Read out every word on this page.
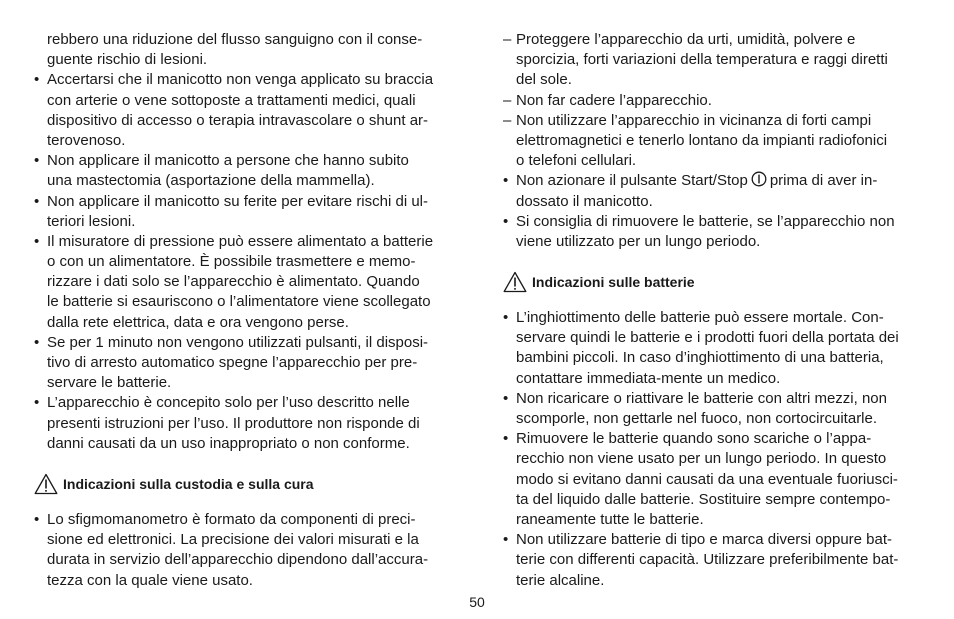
rebbero una riduzione del flusso sanguigno con il conse-
guente rischio di lesioni.
• Accertarsi che il manicotto non venga applicato su braccia
con arterie o vene sottoposte a trattamenti medici, quali
dispositivo di accesso o terapia intravascolare o shunt ar-
terovenoso.
• Non applicare il manicotto a persone che hanno subito
una mastectomia (asportazione della mammella).
• Non applicare il manicotto su ferite per evitare rischi di ul-
teriori lesioni.
• Il misuratore di pressione può essere alimentato a batterie
o con un alimentatore. È possibile trasmettere e memo-
rizzare i dati solo se l’apparecchio è alimentato. Quando
le batterie si esauriscono o l’alimentatore viene scollegato
dalla rete elettrica, data e ora vengono perse.
• Se per 1 minuto non vengono utilizzati pulsanti, il disposi-
tivo di arresto automatico spegne l’apparecchio per pre-
servare le batterie.
• L’apparecchio è concepito solo per l’uso descritto nelle
presenti istruzioni per l’uso. Il produttore non risponde di
danni causati da un uso inappropriato o non conforme.
Indicazioni sulla custodia e sulla cura
• Lo sfigmomanometro è formato da componenti di preci-
sione ed elettronici. La precisione dei valori misurati e la
durata in servizio dell’apparecchio dipendono dall’accura-
tezza con la quale viene usato.
– Proteggere l’apparecchio da urti, umidità, polvere e
sporcizia, forti variazioni della temperatura e raggi diretti
del sole.
– Non far cadere l’apparecchio.
– Non utilizzare l’apparecchio in vicinanza di forti campi
elettromagnetici e tenerlo lontano da impianti radiofonici
o telefoni cellulari.
• Non azionare il pulsante Start/Stop prima di aver in-
dossato il manicotto.
• Si consiglia di rimuovere le batterie, se l’apparecchio non
viene utilizzato per un lungo periodo.
Indicazioni sulle batterie
• L’inghiottimento delle batterie può essere mortale. Con-
servare quindi le batterie e i prodotti fuori della portata dei
bambini piccoli. In caso d’inghiottimento di una batteria,
contattare immediata-mente un medico.
• Non ricaricare o riattivare le batterie con altri mezzi, non
scomporle, non gettarle nel fuoco, non cortocircuitarle.
• Rimuovere le batterie quando sono scariche o l’appa-
recchio non viene usato per un lungo periodo. In questo
modo si evitano danni causati da una eventuale fuoriusci-
ta del liquido dalle batterie. Sostituire sempre contempo-
raneamente tutte le batterie.
• Non utilizzare batterie di tipo e marca diversi oppure bat-
terie con differenti capacità. Utilizzare preferibilmente bat-
terie alcaline.
50
